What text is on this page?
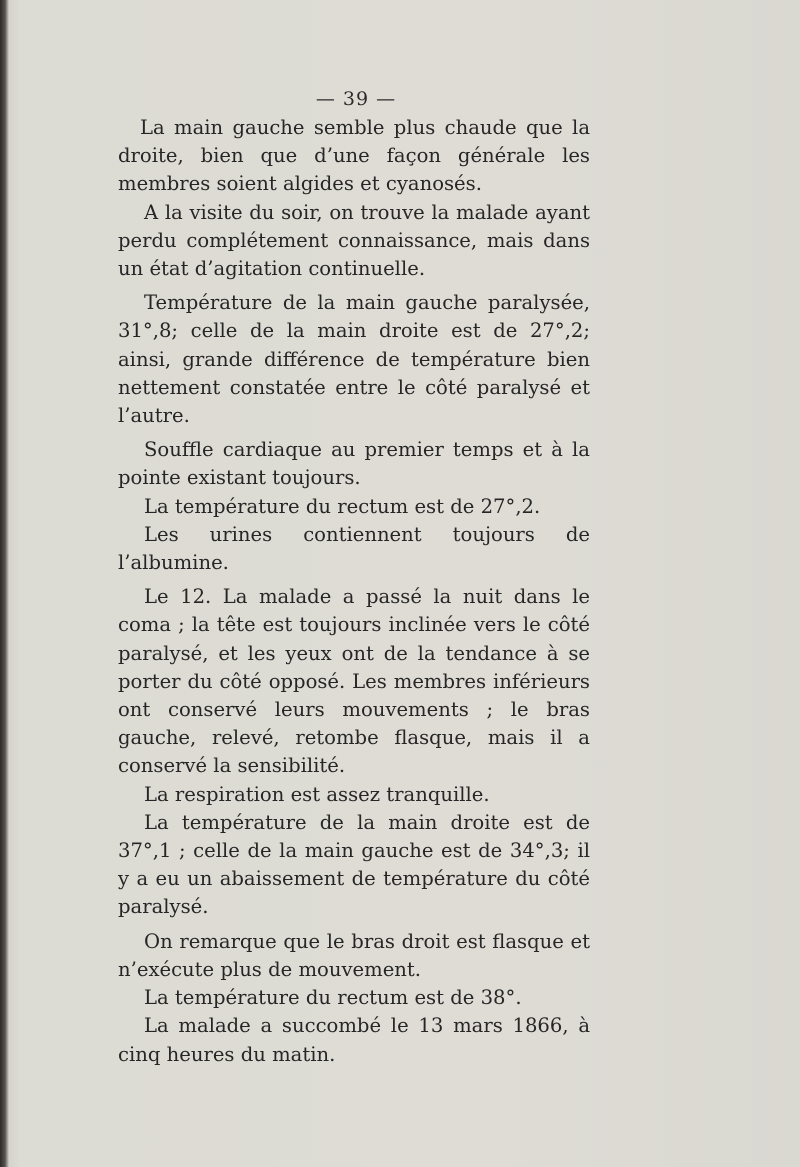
— 39 —

La main gauche semble plus chaude que la droite, bien que d’une façon générale les membres soient algides et cyanosés.

A la visite du soir, on trouve la malade ayant perdu complétement connaissance, mais dans un état d’agitation continuelle.

Température de la main gauche paralysée, 31°,8; celle de la main droite est de 27°,2; ainsi, grande différence de température bien nettement constatée entre le côté paralysé et l’autre.

Souffle cardiaque au premier temps et à la pointe existant toujours.

La température du rectum est de 27°,2.

Les urines contiennent toujours de l’albumine.

Le 12. La malade a passé la nuit dans le coma ; la tête est toujours inclinée vers le côté paralysé, et les yeux ont de la tendance à se porter du côté opposé. Les membres inférieurs ont conservé leurs mouvements ; le bras gauche, relevé, retombe flasque, mais il a conservé la sensibilité.

La respiration est assez tranquille.

La température de la main droite est de 37°,1 ; celle de la main gauche est de 34°,3; il y a eu un abaissement de température du côté paralysé.

On remarque que le bras droit est flasque et n’exécute plus de mouvement.

La température du rectum est de 38°.

La malade a succombé le 13 mars 1866, à cinq heures du matin.
